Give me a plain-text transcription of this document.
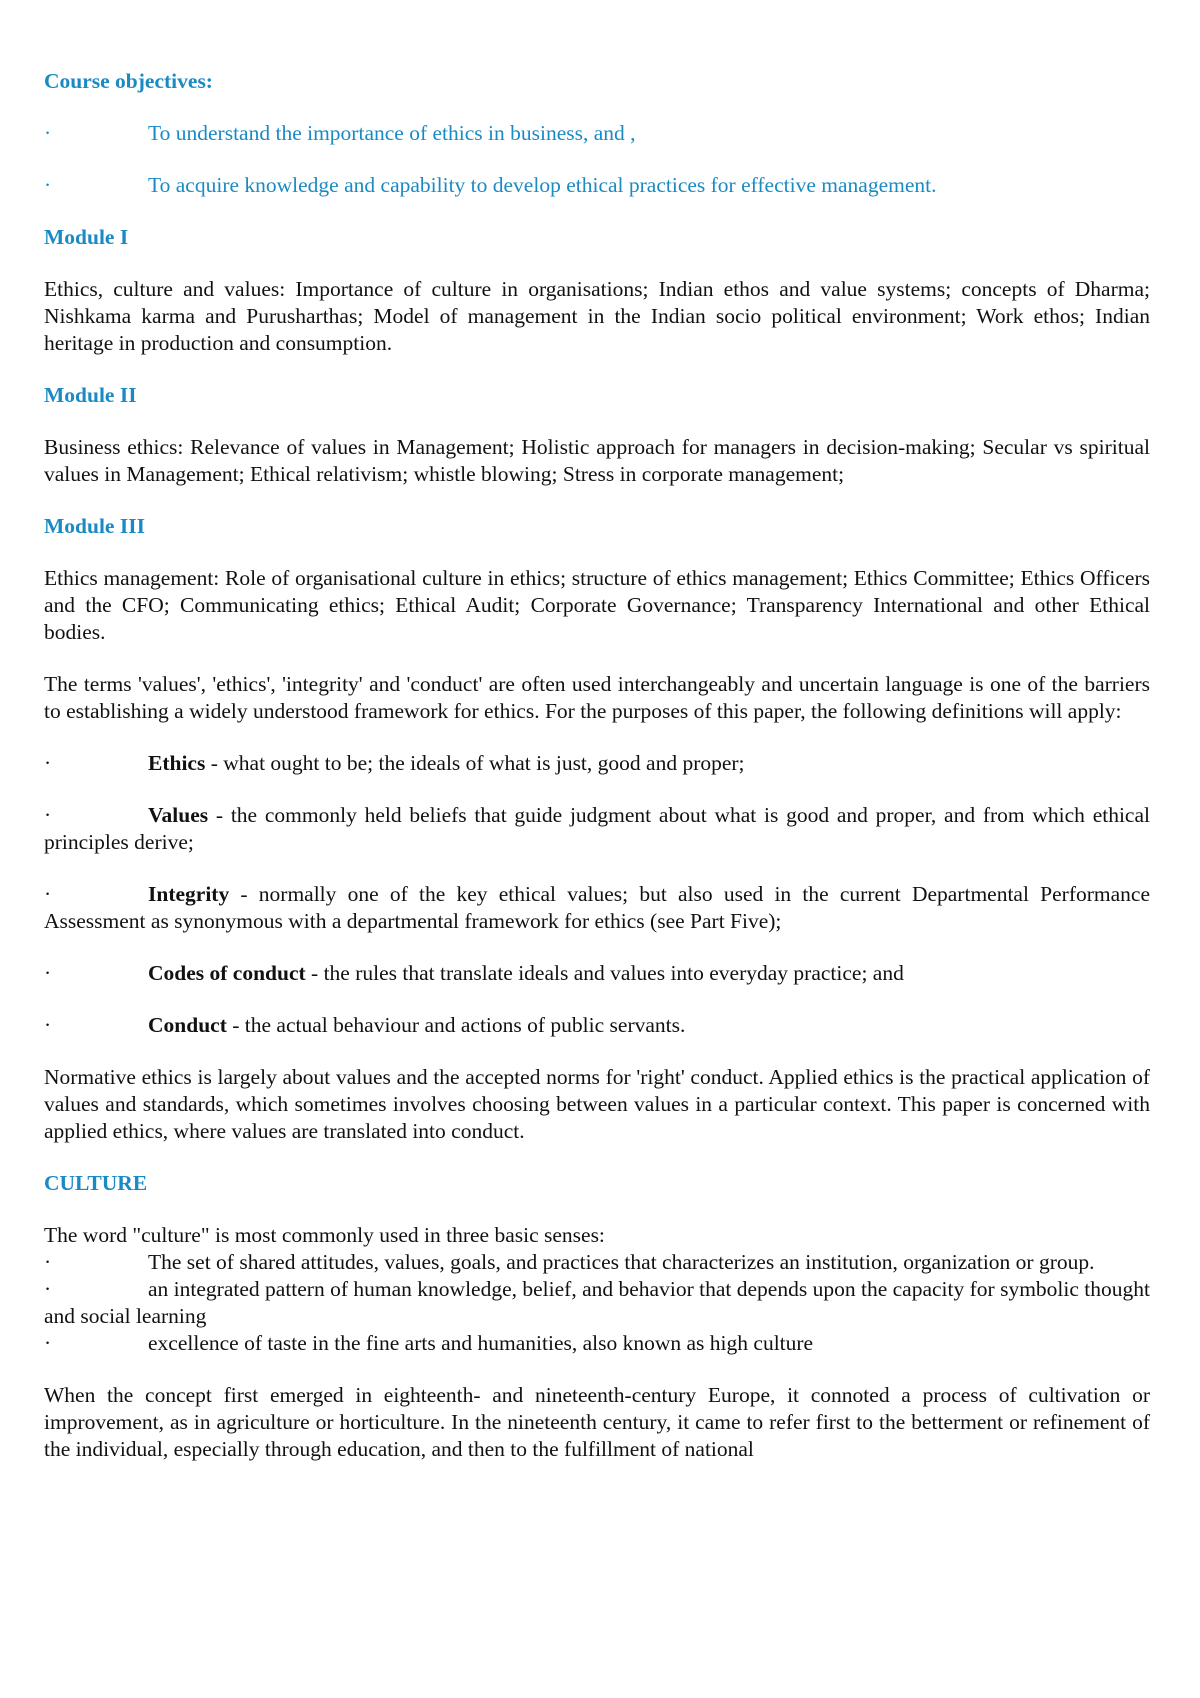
Course objectives:
·	To understand the importance of ethics in business, and ,
·	To acquire knowledge and capability to develop ethical practices for effective management.
Module I

Ethics, culture and values: Importance of culture in organisations; Indian ethos and value systems; concepts of Dharma; Nishkama karma and Purusharthas; Model of management in the Indian socio political environment; Work ethos; Indian heritage in production and consumption.

Module II

Business ethics: Relevance of values in Management; Holistic approach for managers in decision-making; Secular vs spiritual values in Management; Ethical relativism; whistle blowing; Stress in corporate management;

Module III

Ethics management: Role of organisational culture in ethics; structure of ethics management; Ethics Committee; Ethics Officers and the CFO; Communicating ethics; Ethical Audit; Corporate Governance; Transparency International and other Ethical bodies.

The terms 'values', 'ethics', 'integrity' and 'conduct' are often used interchangeably and uncertain language is one of the barriers to establishing a widely understood framework for ethics. For the purposes of this paper, the following definitions will apply:

·	Ethics - what ought to be; the ideals of what is just, good and proper;

·	Values - the commonly held beliefs that guide judgment about what is good and proper, and from which ethical principles derive;

·	Integrity - normally one of the key ethical values; but also used in the current Departmental Performance Assessment as synonymous with a departmental framework for ethics (see Part Five);

·	Codes of conduct - the rules that translate ideals and values into everyday practice; and

·	Conduct - the actual behaviour and actions of public servants.

Normative ethics is largely about values and the accepted norms for 'right' conduct. Applied ethics is the practical application of values and standards, which sometimes involves choosing between values in a particular context. This paper is concerned with applied ethics, where values are translated into conduct.

CULTURE

The word "culture" is most commonly used in three basic senses:

·	The set of shared attitudes, values, goals, and practices that characterizes an institution, organization or group.

·	an integrated pattern of human knowledge, belief, and behavior that depends upon the capacity for symbolic thought and social learning

·	excellence of taste in the fine arts and humanities, also known as high culture

When the concept first emerged in eighteenth- and nineteenth-century Europe, it connoted a process of cultivation or improvement, as in agriculture or horticulture. In the nineteenth century, it came to refer first to the betterment or refinement of the individual, especially through education, and then to the fulfillment of national
